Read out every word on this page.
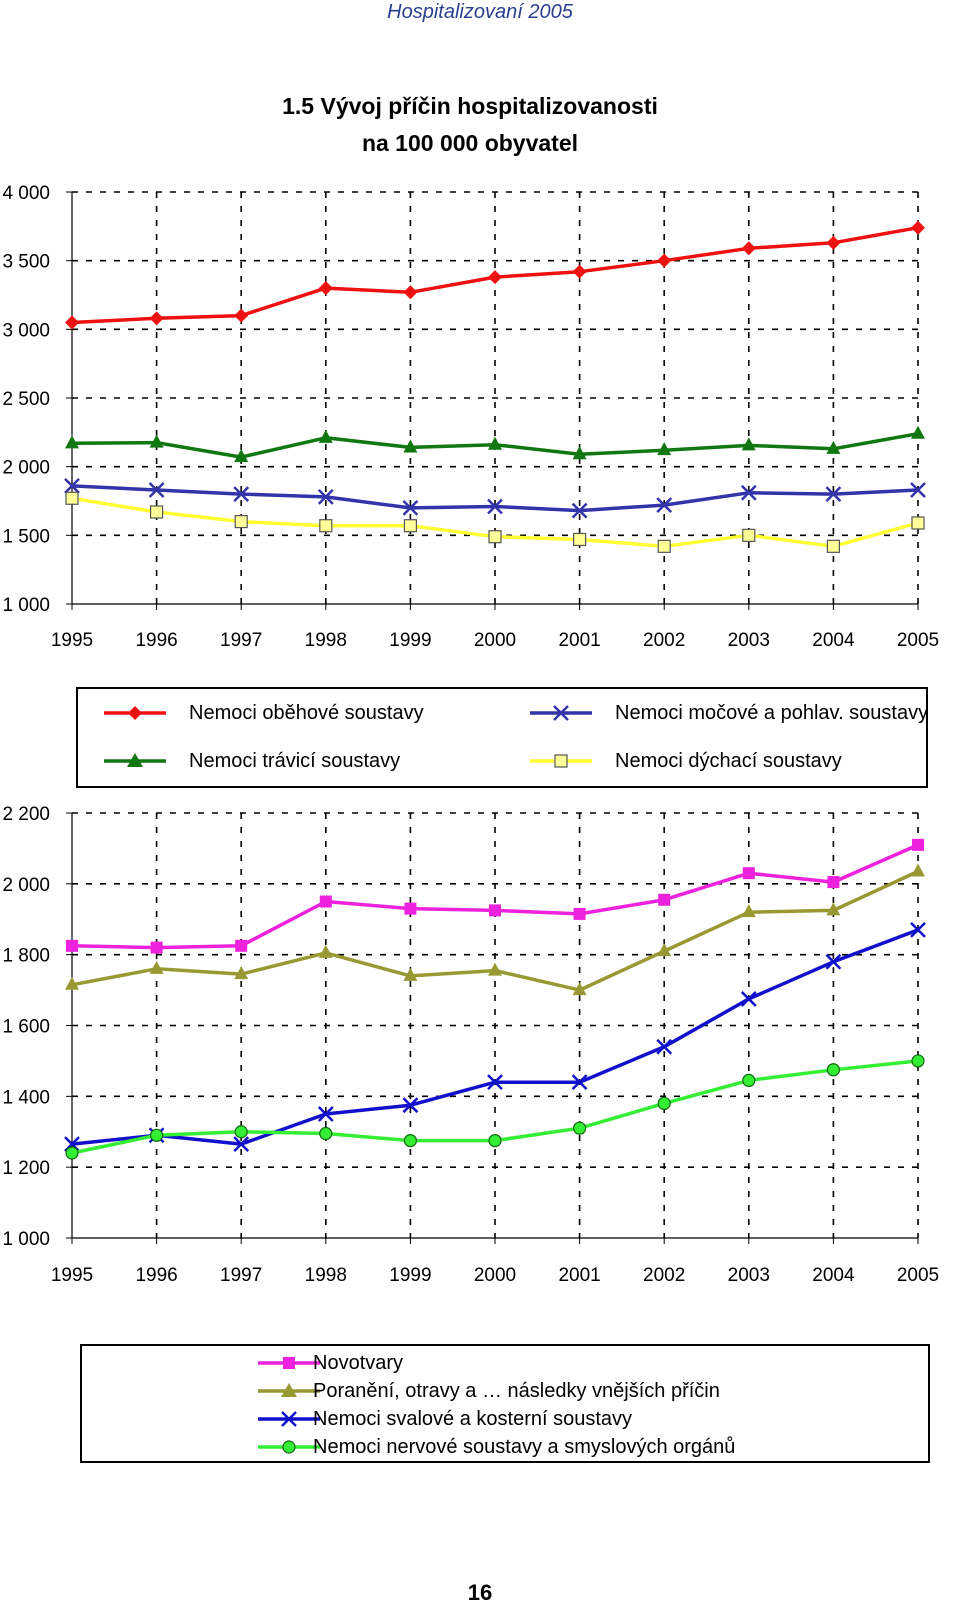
Hospitalizovaní 2005
1.5 Vývoj příčin hospitalizovanosti
na 100 000 obyvatel
1 000
1 500
2 000
2 500
3 000
3 500
4 000
1995 1996 1997 1998 1999 2000 2001 2002 2003 2004 2005
1 000
1 200
1 400
1 600
1 800
2 000
2 200
1995 1996 1997 1998 1999 2000 2001 2002 2003 2004 2005
Nemoci oběhové soustavy
Nemoci trávicí soustavy
Nemoci močové a pohlav. soustavy
Nemoci dýchací soustavy
Novotvary
Poranění, otravy a … následky vnějších příčin
Nemoci svalové a kosterní soustavy
Nemoci nervové soustavy a smyslových orgánů
16
